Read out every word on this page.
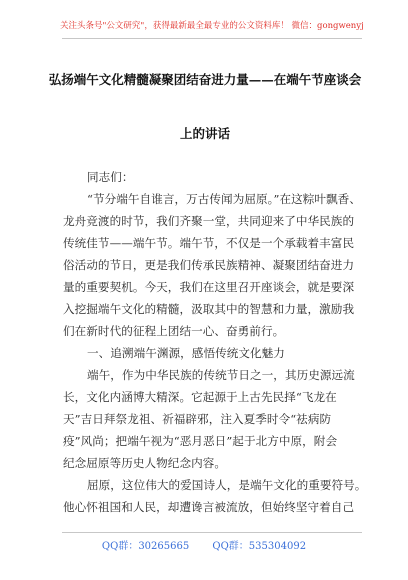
关注头条号"公文研究"，获得最新最全最专业的公文资料库！ 微信：gongwenyj
弘扬端午文化精髓凝聚团结奋进力量——在端午节座谈会
上的讲话

同志们：

“节分端午自谁言，万古传闻为屈原。”在这粽叶飘香、

龙舟竞渡的时节，我们齐聚一堂，共同迎来了中华民族的

传统佳节——端午节。端午节，不仅是一个承载着丰富民

俗活动的节日，更是我们传承民族精神、凝聚团结奋进力

量的重要契机。今天，我们在这里召开座谈会，就是要深

入挖掘端午文化的精髓，汲取其中的智慧和力量，激励我

们在新时代的征程上团结一心、奋勇前行。

一、追溯端午渊源，感悟传统文化魅力

端午，作为中华民族的传统节日之一，其历史源远流

长，文化内涵博大精深。它起源于上古先民择“飞龙在

天”吉日拜祭龙祖、祈福辟邪，注入夏季时令“祛病防

疫”风尚；把端午视为“恶月恶日”起于北方中原，附会

纪念屈原等历史人物纪念内容。

屈原，这位伟大的爱国诗人，是端午文化的重要符号。

他心怀祖国和人民，却遭谗言被流放，但始终坚守着自己

QQ群：30265665 QQ群：535304092
